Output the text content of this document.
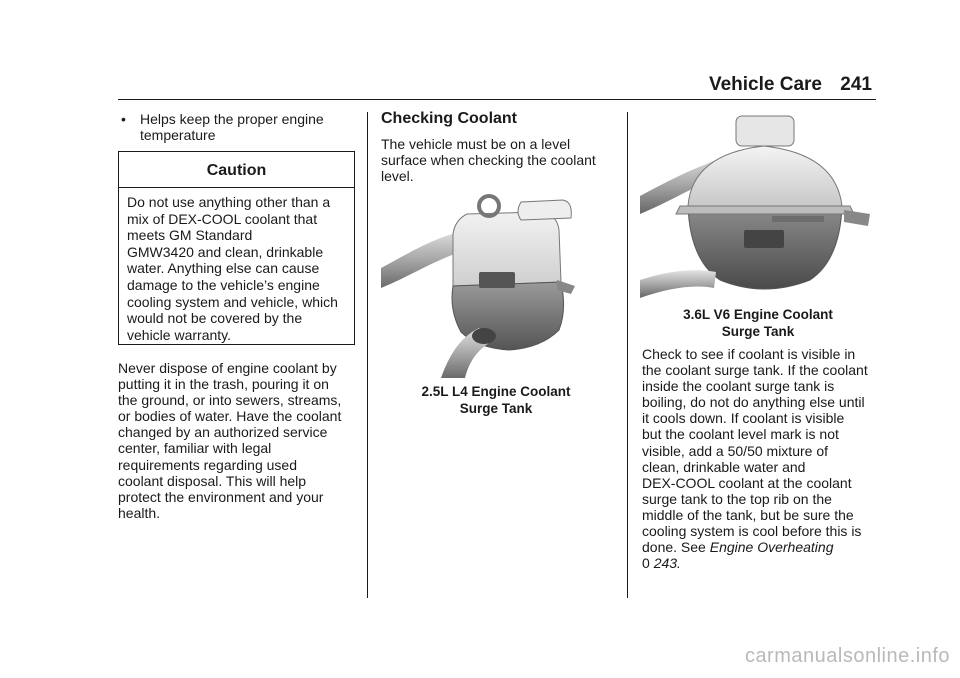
Vehicle Care 241
• Helps keep the proper engine temperature
Caution
Do not use anything other than a
mix of DEX-COOL coolant that
meets GM Standard
GMW3420 and clean, drinkable
water. Anything else can cause
damage to the vehicle’s engine
cooling system and vehicle, which
would not be covered by the
vehicle warranty.
Never dispose of engine coolant by
putting it in the trash, pouring it on
the ground, or into sewers, streams,
or bodies of water. Have the coolant
changed by an authorized service
center, familiar with legal
requirements regarding used
coolant disposal. This will help
protect the environment and your
health.
Checking Coolant
The vehicle must be on a level
surface when checking the coolant
level.
2.5L L4 Engine Coolant
Surge Tank
3.6L V6 Engine Coolant
Surge Tank
Check to see if coolant is visible in
the coolant surge tank. If the coolant
inside the coolant surge tank is
boiling, do not do anything else until
it cools down. If coolant is visible
but the coolant level mark is not
visible, add a 50/50 mixture of
clean, drinkable water and
DEX-COOL coolant at the coolant
surge tank to the top rib on the
middle of the tank, but be sure the
cooling system is cool before this is
done. See Engine Overheating
0 243.
carmanualsonline.info
